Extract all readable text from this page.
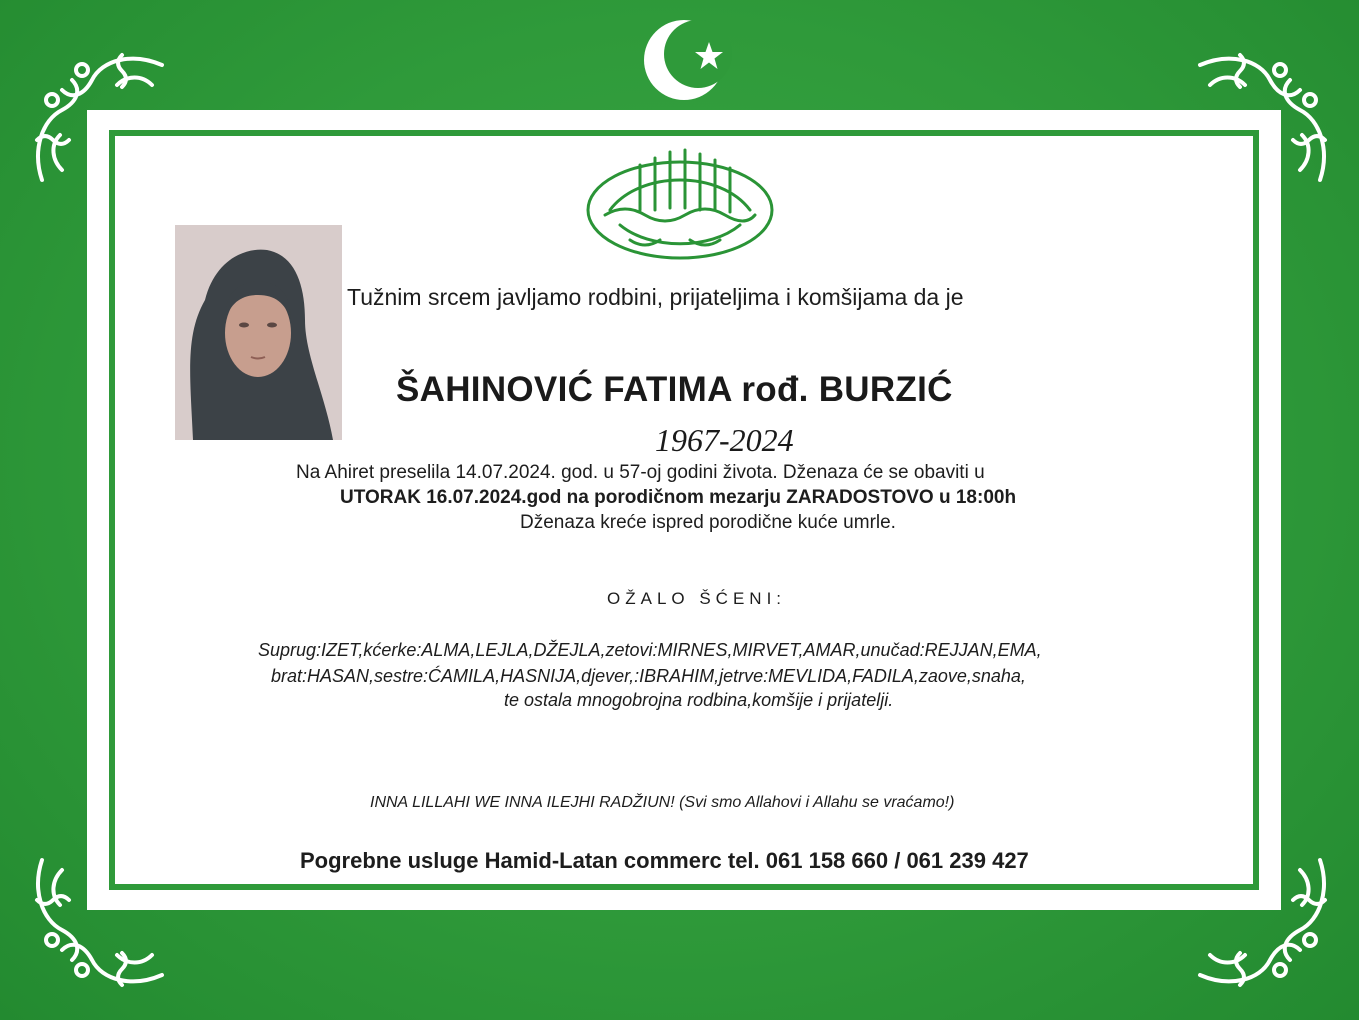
Tužnim srcem javljamo rodbini, prijateljima i komšijama da je
ŠAHINOVIĆ FATIMA rođ. BURZIĆ
1967-2024
Na Ahiret preselila 14.07.2024. god. u 57-oj godini života. Dženaza će se obaviti u
UTORAK 16.07.2024.god na porodičnom mezarju ZARADOSTOVO u 18:00h
Dženaza kreće ispred porodične kuće umrle.
OŽALO ŠĆENI:
Suprug:IZET,kćerke:ALMA,LEJLA,DŽEJLA,zetovi:MIRNES,MIRVET,AMAR,unučad:REJJAN,EMA,
brat:HASAN,sestre:ĆAMILA,HASNIJA,djever,:IBRAHIM,jetrve:MEVLIDA,FADILA,zaove,snaha,
te ostala mnogobrojna rodbina,komšije i prijatelji.
INNA LILLAHI WE INNA ILEJHI RADŽIUN! (Svi smo Allahovi i Allahu se vraćamo!)
Pogrebne usluge Hamid-Latan commerc tel. 061 158 660 / 061 239 427
